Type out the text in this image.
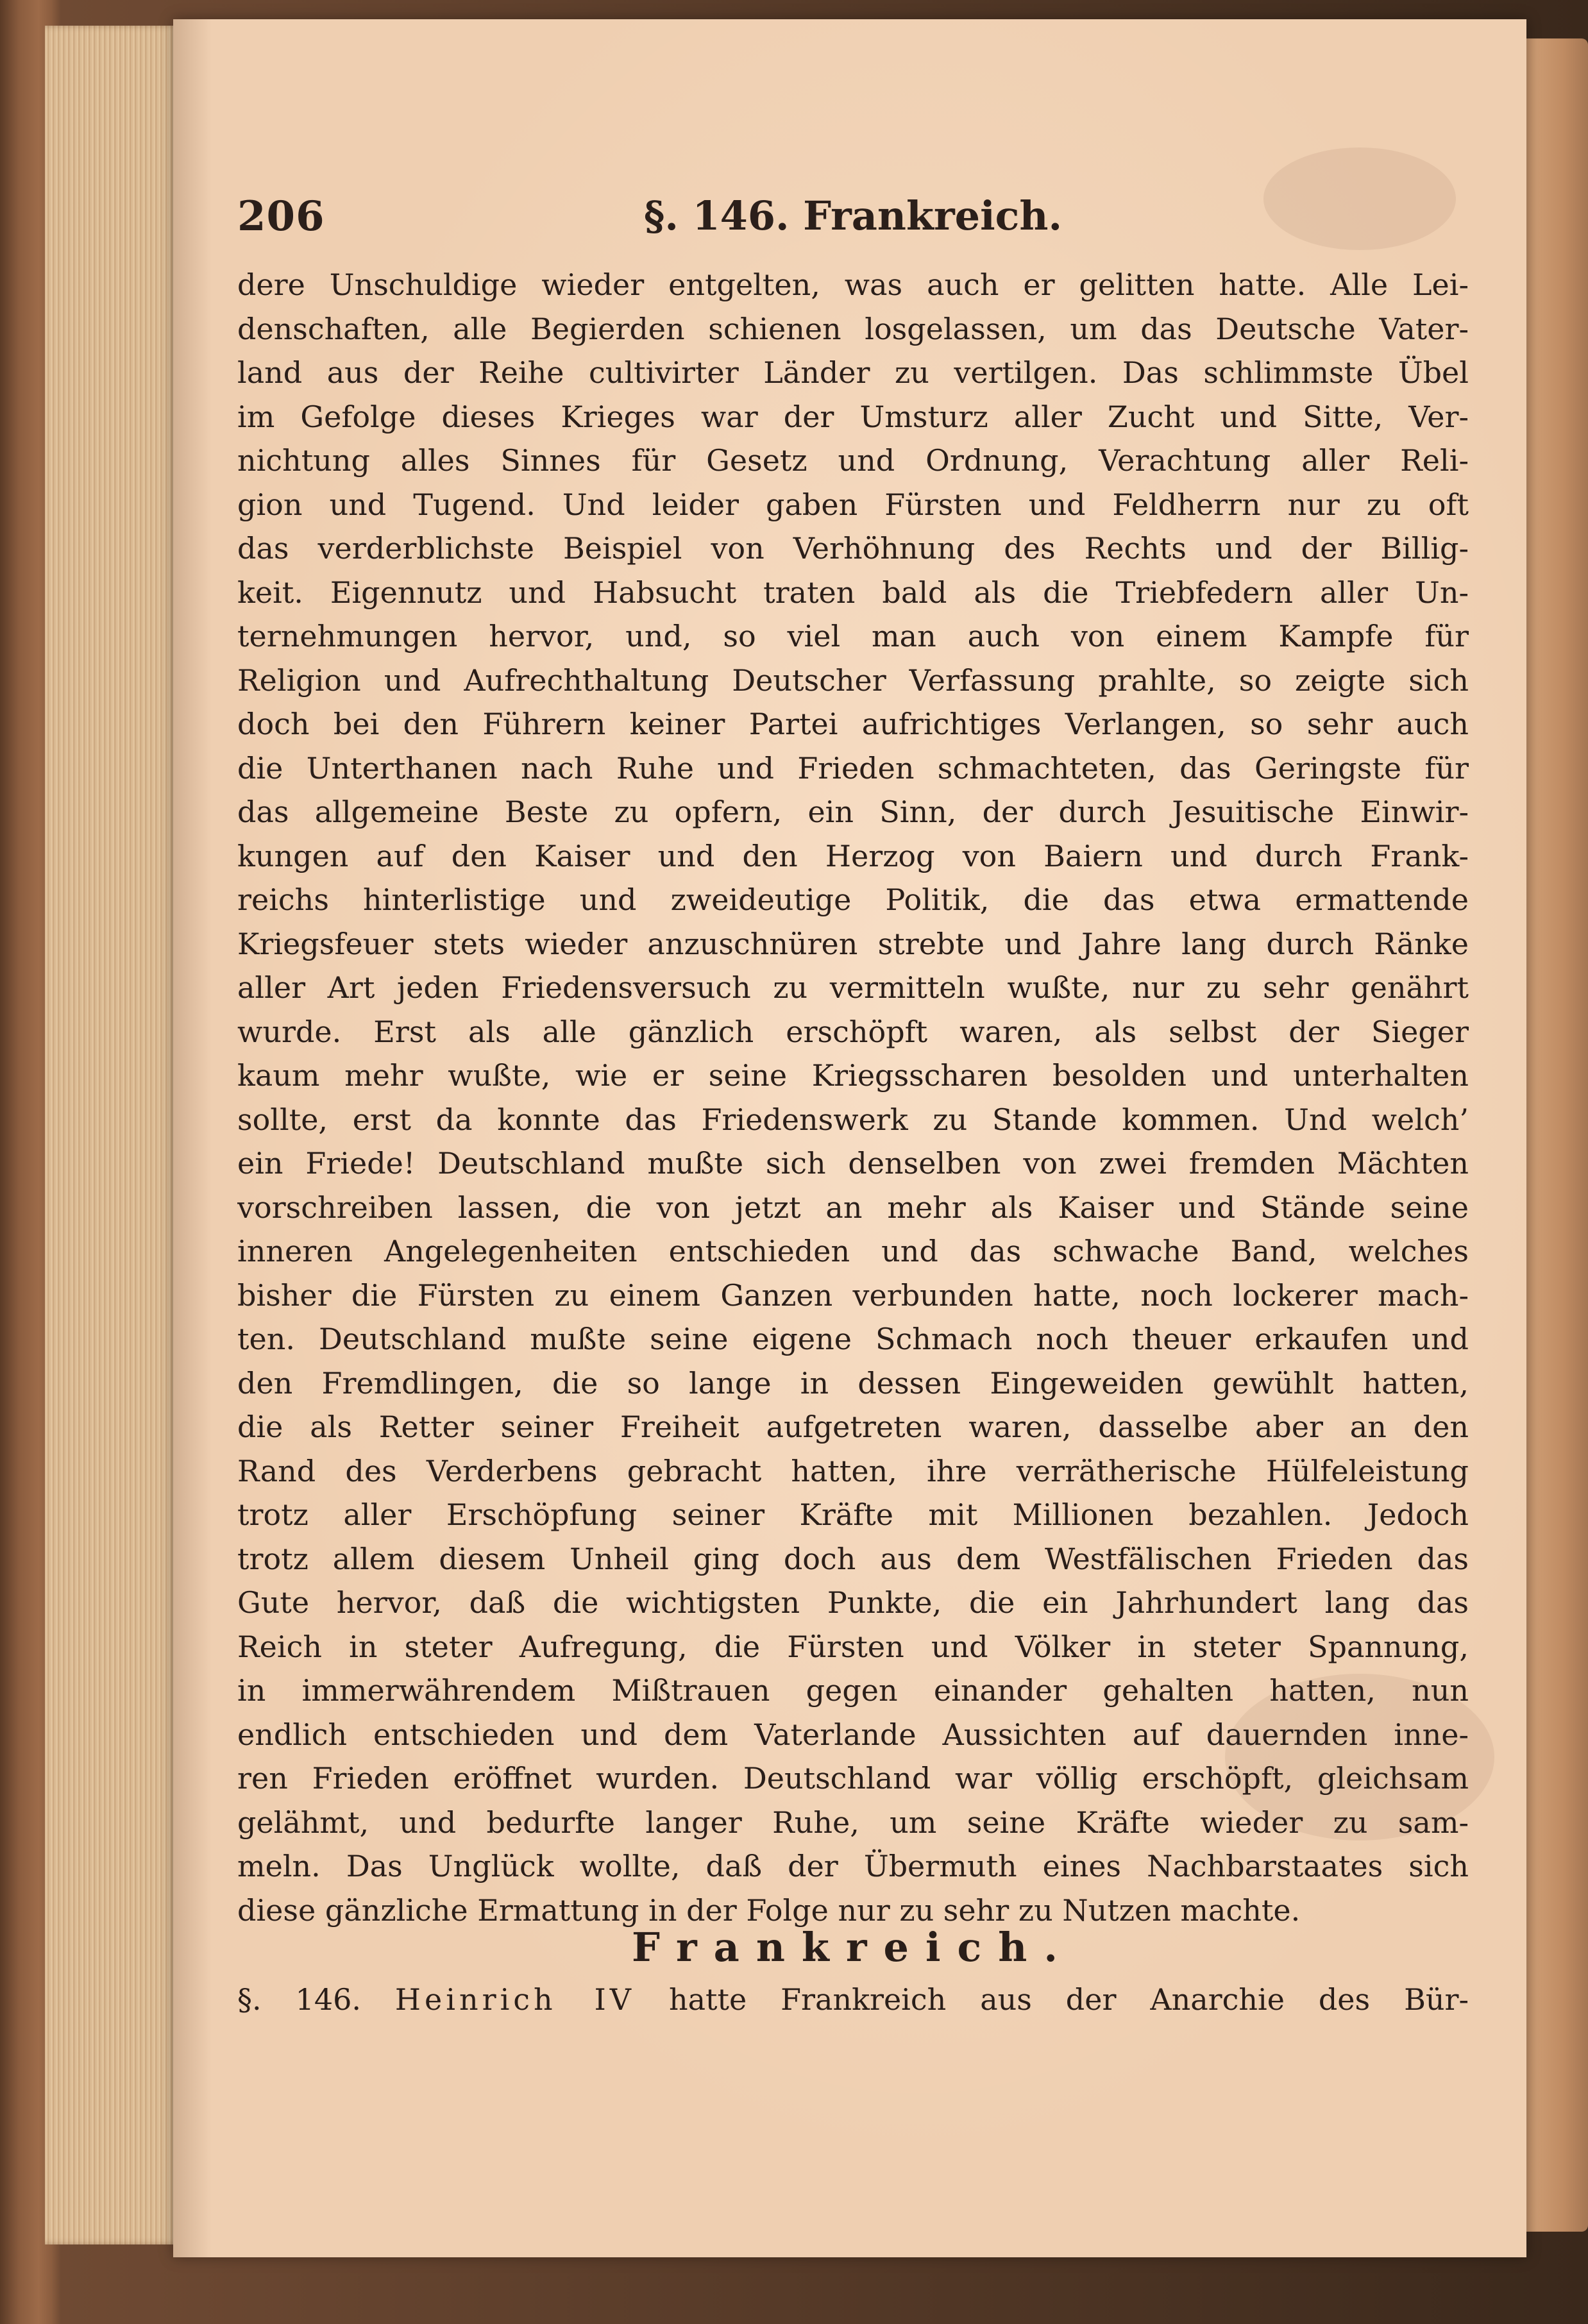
206	§. 146. Frankreich.
dere Unschuldige wieder entgelten, was auch er gelitten hatte. Alle Lei-
denschaften, alle Begierden schienen losgelassen, um das Deutsche Vater-
land aus der Reihe cultivirter Länder zu vertilgen. Das schlimmste Übel
im Gefolge dieses Krieges war der Umsturz aller Zucht und Sitte, Ver-
nichtung alles Sinnes für Gesetz und Ordnung, Verachtung aller Reli-
gion und Tugend. Und leider gaben Fürsten und Feldherrn nur zu oft
das verderblichste Beispiel von Verhöhnung des Rechts und der Billig-
keit. Eigennutz und Habsucht traten bald als die Triebfedern aller Un-
ternehmungen hervor, und, so viel man auch von einem Kampfe für
Religion und Aufrechthaltung Deutscher Verfassung prahlte, so zeigte sich
doch bei den Führern keiner Partei aufrichtiges Verlangen, so sehr auch
die Unterthanen nach Ruhe und Frieden schmachteten, das Geringste für
das allgemeine Beste zu opfern, ein Sinn, der durch Jesuitische Einwir-
kungen auf den Kaiser und den Herzog von Baiern und durch Frank-
reichs hinterlistige und zweideutige Politik, die das etwa ermattende
Kriegsfeuer stets wieder anzuschnüren strebte und Jahre lang durch Ränke
aller Art jeden Friedensversuch zu vermitteln wußte, nur zu sehr genährt
wurde. Erst als alle gänzlich erschöpft waren, als selbst der Sieger
kaum mehr wußte, wie er seine Kriegsscharen besolden und unterhalten
sollte, erst da konnte das Friedenswerk zu Stande kommen. Und welch’
ein Friede! Deutschland mußte sich denselben von zwei fremden Mächten
vorschreiben lassen, die von jetzt an mehr als Kaiser und Stände seine
inneren Angelegenheiten entschieden und das schwache Band, welches
bisher die Fürsten zu einem Ganzen verbunden hatte, noch lockerer mach-
ten. Deutschland mußte seine eigene Schmach noch theuer erkaufen und
den Fremdlingen, die so lange in dessen Eingeweiden gewühlt hatten,
die als Retter seiner Freiheit aufgetreten waren, dasselbe aber an den
Rand des Verderbens gebracht hatten, ihre verrätherische Hülfeleistung
trotz aller Erschöpfung seiner Kräfte mit Millionen bezahlen. Jedoch
trotz allem diesem Unheil ging doch aus dem Westfälischen Frieden das
Gute hervor, daß die wichtigsten Punkte, die ein Jahrhundert lang das
Reich in steter Aufregung, die Fürsten und Völker in steter Spannung,
in immerwährendem Mißtrauen gegen einander gehalten hatten, nun
endlich entschieden und dem Vaterlande Aussichten auf dauernden inne-
ren Frieden eröffnet wurden. Deutschland war völlig erschöpft, gleichsam
gelähmt, und bedurfte langer Ruhe, um seine Kräfte wieder zu sam-
meln. Das Unglück wollte, daß der Übermuth eines Nachbarstaates sich
diese gänzliche Ermattung in der Folge nur zu sehr zu Nutzen machte.
Frankreich.
§. 146. Heinrich IV hatte Frankreich aus der Anarchie des Bür-
